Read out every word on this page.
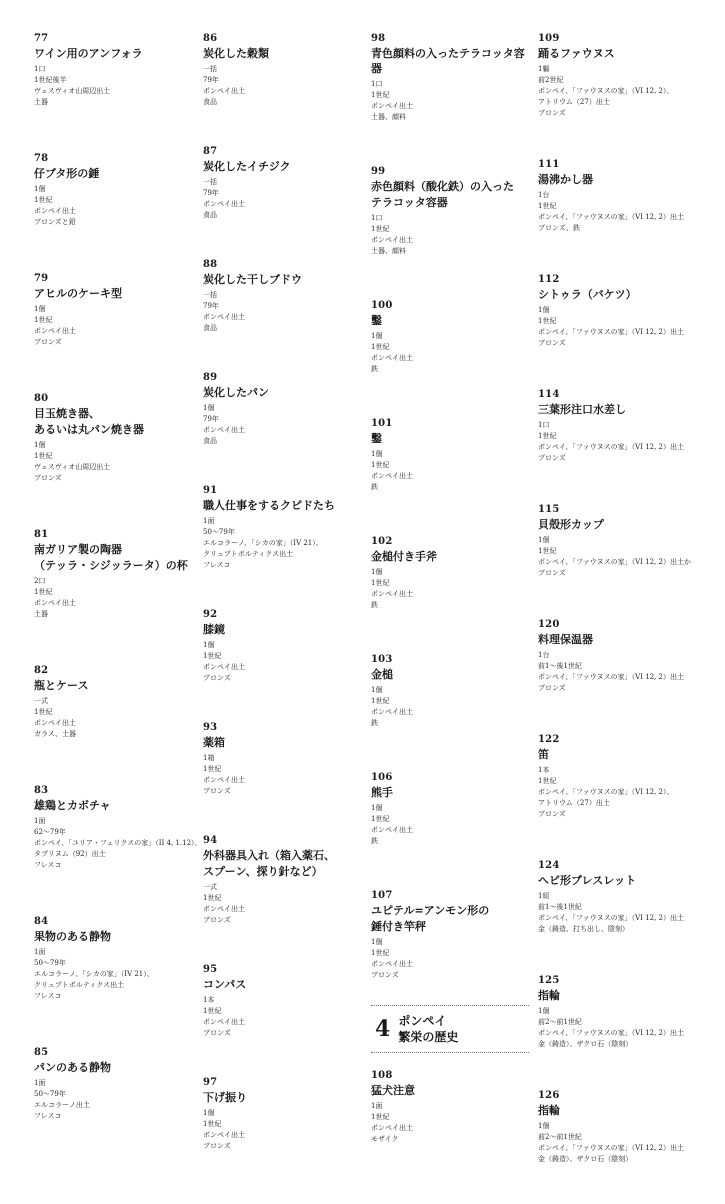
77
ワイン用のアンフォラ
1口
1世紀後半
ヴェスヴィオ山周辺出土
土器
78
仔ブタ形の錘
1個
1世紀
ポンペイ出土
ブロンズと鉛
79
アヒルのケーキ型
1個
1世紀
ポンペイ出土
ブロンズ
80
目玉焼き器、
あるいは丸パン焼き器
1個
1世紀
ヴェスヴィオ山周辺出土
ブロンズ
81
南ガリア製の陶器
（テッラ・シジッラータ）の杯
2口
1世紀
ポンペイ出土
土器
82
瓶とケース
一式
1世紀
ポンペイ出土
ガラス、土器
83
雄鶏とカボチャ
1面
62〜79年
ポンペイ、「ユリア・フェリクスの家」（II 4, 1.12）、
タブリヌム（92）出土
フレスコ
84
果物のある静物
1面
50〜79年
エルコラーノ、「シカの家」（IV 21）、
クリュプトポルティクス出土
フレスコ
85
パンのある静物
1面
50〜79年
エルコラーノ出土
フレスコ
86
炭化した穀類
一括
79年
ポンペイ出土
食品
87
炭化したイチジク
一括
79年
ポンペイ出土
食品
88
炭化した干しブドウ
一括
79年
ポンペイ出土
食品
89
炭化したパン
1個
79年
ポンペイ出土
食品
91
職人仕事をするクピドたち
1面
50〜79年
エルコラーノ、「シカの家」（IV 21）、
クリュプトポルティクス出土
フレスコ
92
膝鏡
1個
1世紀
ポンペイ出土
ブロンズ
93
薬箱
1箱
1世紀
ポンペイ出土
ブロンズ
94
外科器具入れ（箱入薬石、
スプーン、探り針など）
一式
1世紀
ポンペイ出土
ブロンズ
95
コンパス
1本
1世紀
ポンペイ出土
ブロンズ
97
下げ振り
1個
1世紀
ポンペイ出土
ブロンズ
98
青色顔料の入ったテラコッタ容器
1口
1世紀
ポンペイ出土
土器、顔料
99
赤色顔料（酸化鉄）の入った
テラコッタ容器
1口
1世紀
ポンペイ出土
土器、顔料
100
鑿
1個
1世紀
ポンペイ出土
鉄
101
鑿
1個
1世紀
ポンペイ出土
鉄
102
金槌付き手斧
1個
1世紀
ポンペイ出土
鉄
103
金槌
1個
1世紀
ポンペイ出土
鉄
106
熊手
1個
1世紀
ポンペイ出土
鉄
107
ユピテル=アンモン形の
錘付き竿秤
1個
1世紀
ポンペイ出土
ブロンズ
4 ポンペイ
繁栄の歴史
108
猛犬注意
1面
1世紀
ポンペイ出土
モザイク
109
踊るファウヌス
1軀
前2世紀
ポンペイ、「ファウヌスの家」（VI 12, 2）、
アトリウム（27）出土
ブロンズ
111
湯沸かし器
1台
1世紀
ポンペイ、「ファウヌスの家」（VI 12, 2）出土
ブロンズ、鉄
112
シトゥラ（バケツ）
1個
1世紀
ポンペイ、「ファウヌスの家」（VI 12, 2）出土
ブロンズ
114
三葉形注口水差し
1口
1世紀
ポンペイ、「ファウヌスの家」（VI 12, 2）出土
ブロンズ
115
貝殻形カップ
1個
1世紀
ポンペイ、「ファウヌスの家」（VI 12, 2）出土か
ブロンズ
120
料理保温器
1台
前1〜後1世紀
ポンペイ、「ファウヌスの家」（VI 12, 2）出土
ブロンズ
122
笛
1本
1世紀
ポンペイ、「ファウヌスの家」（VI 12, 2）、
アトリウム（27）出土
ブロンズ
124
ヘビ形ブレスレット
1組
前1〜後1世紀
ポンペイ、「ファウヌスの家」（VI 12, 2）出土
金（鋳造、打ち出し、陰刻）
125
指輪
1個
前2〜前1世紀
ポンペイ、「ファウヌスの家」（VI 12, 2）出土
金（鋳造）、ザクロ石（陰刻）
126
指輪
1個
前2〜前1世紀
ポンペイ、「ファウヌスの家」（VI 12, 2）出土
金（鋳造）、ザクロ石（陰刻）
